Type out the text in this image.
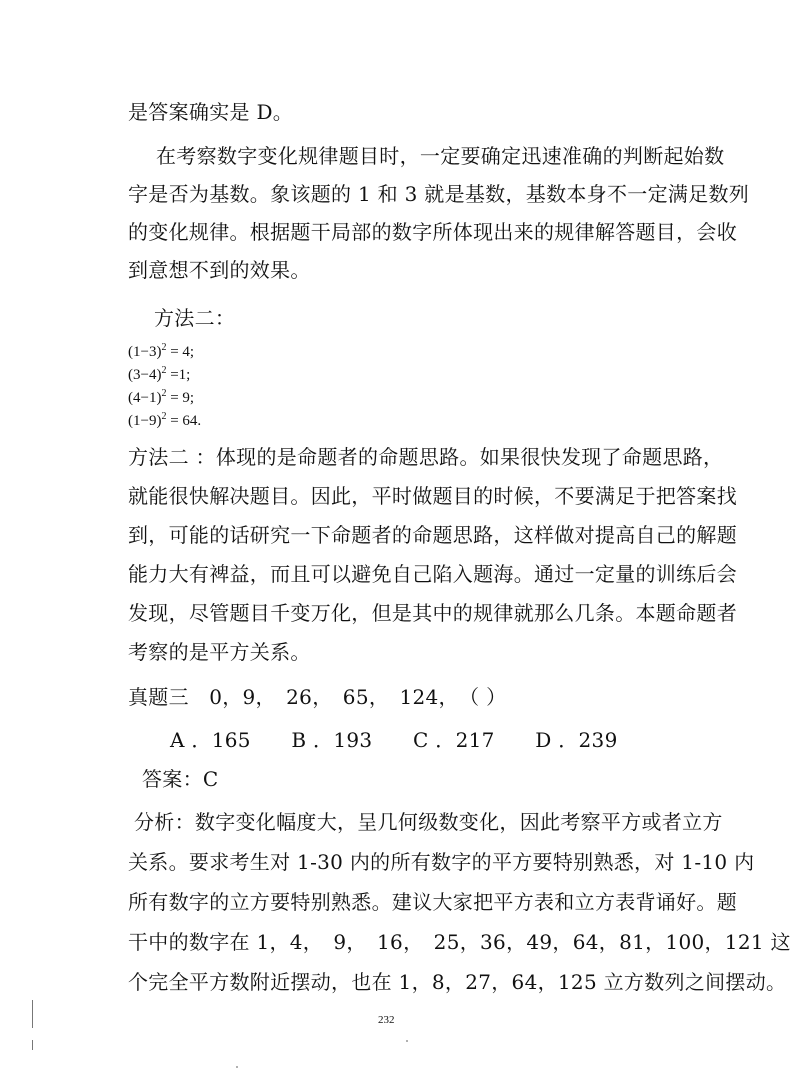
是答案确实是 D。
在考察数字变化规律题目时，一定要确定迅速准确的判断起始数
字是否为基数。象该题的 1 和 3 就是基数，基数本身不一定满足数列
的变化规律。根据题干局部的数字所体现出来的规律解答题目，会收
到意想不到的效果。
方法二：
$(1-3)^2 = 4$;
$(3-4)^2 =1$;
$(4-1)^2 = 9$;
$(1-9)^2 = 64$.
方法二 ：体现的是命题者的命题思路。如果很快发现了命题思路，
就能很快解决题目。因此，平时做题目的时候，不要满足于把答案找
到，可能的话研究一下命题者的命题思路，这样做对提高自己的解题
能力大有裨益，而且可以避免自己陷入题海。通过一定量的训练后会
发现，尽管题目千变万化，但是其中的规律就那么几条。本题命题者
考察的是平方关系。
真题三　0，9，　26，　65，　124，　（ ）
A ．165　　B ．193　　C ．217　　D ．239
答案：C
分析：数字变化幅度大，呈几何级数变化，因此考察平方或者立方
关系。要求考生对 1-30 内的所有数字的平方要特别熟悉，对 1-10 内
所有数字的立方要特别熟悉。建议大家把平方表和立方表背诵好。题
干中的数字在 1，4，　9，　16，　25，36，49，64，81，100，121 这
个完全平方数附近摆动，也在 1，8，27，64，125 立方数列之间摆动。
232
